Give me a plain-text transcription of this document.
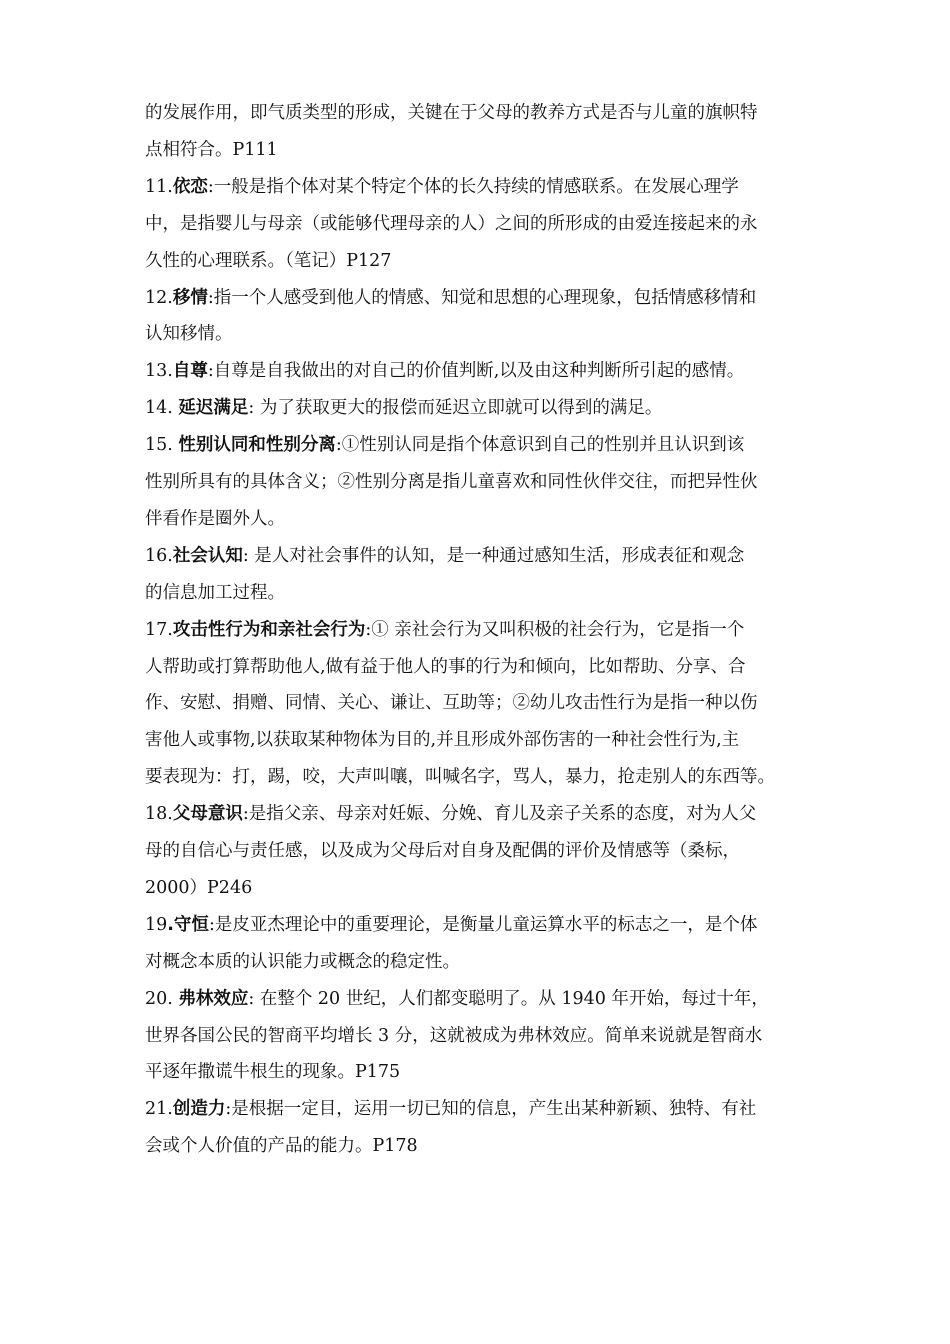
的发展作用，即气质类型的形成，关键在于父母的教养方式是否与儿童的旗帜特
点相符合。P111
11.依恋:一般是指个体对某个特定个体的长久持续的情感联系。在发展心理学
中，是指婴儿与母亲（或能够代理母亲的人）之间的所形成的由爱连接起来的永
久性的心理联系。（笔记）P127
12.移情:指一个人感受到他人的情感、知觉和思想的心理现象，包括情感移情和
认知移情。
13.自尊:自尊是自我做出的对自己的价值判断,以及由这种判断所引起的感情。
14. 延迟满足: 为了获取更大的报偿而延迟立即就可以得到的满足。
15. 性别认同和性别分离:①性别认同是指个体意识到自己的性别并且认识到该
性别所具有的具体含义；②性别分离是指儿童喜欢和同性伙伴交往，而把异性伙
伴看作是圈外人。
16.社会认知: 是人对社会事件的认知，是一种通过感知生活，形成表征和观念
的信息加工过程。
17.攻击性行为和亲社会行为:① 亲社会行为又叫积极的社会行为，它是指一个
人帮助或打算帮助他人,做有益于他人的事的行为和倾向，比如帮助、分享、合
作、安慰、捐赠、同情、关心、谦让、互助等；②幼儿攻击性行为是指一种以伤
害他人或事物,以获取某种物体为目的,并且形成外部伤害的一种社会性行为,主
要表现为：打，踢，咬，大声叫嚷，叫喊名字，骂人，暴力，抢走别人的东西等。
18.父母意识:是指父亲、母亲对妊娠、分娩、育儿及亲子关系的态度，对为人父
母的自信心与责任感，以及成为父母后对自身及配偶的评价及情感等（桑标，
2000）P246
19.守恒:是皮亚杰理论中的重要理论，是衡量儿童运算水平的标志之一，是个体
对概念本质的认识能力或概念的稳定性。
20. 弗林效应: 在整个 20 世纪，人们都变聪明了。从 1940 年开始，每过十年，
世界各国公民的智商平均增长 3 分，这就被成为弗林效应。简单来说就是智商水
平逐年撒谎牛根生的现象。P175
21.创造力:是根据一定目，运用一切已知的信息，产生出某种新颖、独特、有社
会或个人价值的产品的能力。P178
